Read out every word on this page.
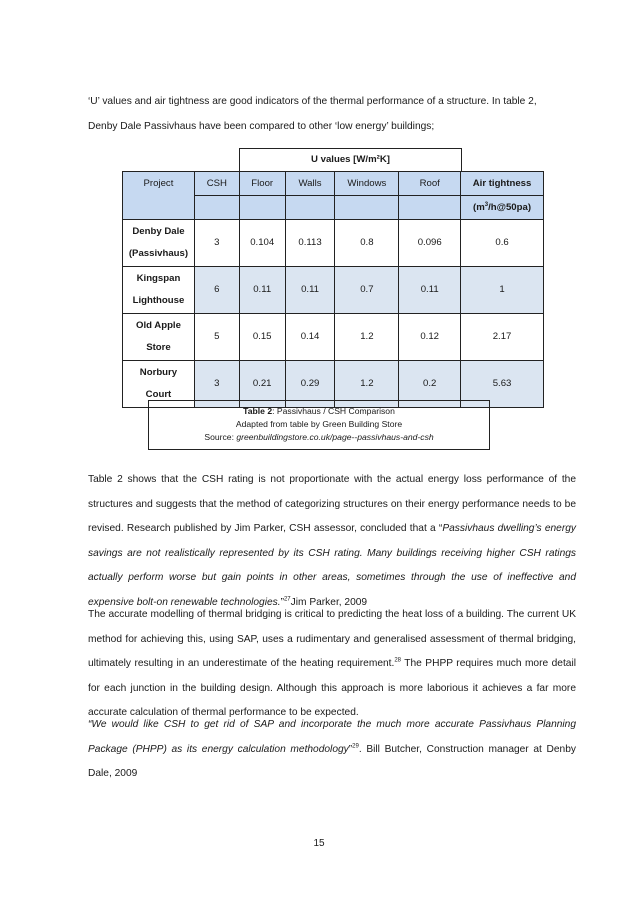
‘U’ values and air tightness are good indicators of the thermal performance of a structure. In table 2,
Denby Dale Passivhaus have been compared to other ‘low energy’ buildings;

U values [W/m²K]
Project	CSH	Floor	Walls	Windows	Roof	Air tightness
						$(m^3/h@50pa)$
Denby Dale
(Passivhaus)	3	0.104	0.113	0.8	0.096	0.6
Kingspan
Lighthouse	6	0.11	0.11	0.7	0.11	1
Old Apple
Store	5	0.15	0.14	1.2	0.12	2.17
Norbury
Court	3	0.21	0.29	1.2	0.2	5.63
Table 2: Passivhaus / CSH Comparison
Adapted from table by Green Building Store
Source: greenbuildingstore.co.uk/page--passivhaus-and-csh

Table 2 shows that the CSH rating is not proportionate with the actual energy loss performance of the structures and suggests that the method of categorizing structures on their energy performance needs to be revised. Research published by Jim Parker, CSH assessor, concluded that a “Passivhaus dwelling’s energy savings are not realistically represented by its CSH rating. Many buildings receiving higher CSH ratings actually perform worse but gain points in other areas, sometimes through the use of ineffective and expensive bolt-on renewable technologies.”$^{27}$Jim Parker, 2009

The accurate modelling of thermal bridging is critical to predicting the heat loss of a building. The current UK method for achieving this, using SAP, uses a rudimentary and generalised assessment of thermal bridging, ultimately resulting in an underestimate of the heating requirement.$^{28}$ The PHPP requires much more detail for each junction in the building design. Although this approach is more laborious it achieves a far more accurate calculation of thermal performance to be expected.

“We would like CSH to get rid of SAP and incorporate the much more accurate Passivhaus Planning Package (PHPP) as its energy calculation methodology”$^{29}$. Bill Butcher, Construction manager at Denby Dale, 2009

15
